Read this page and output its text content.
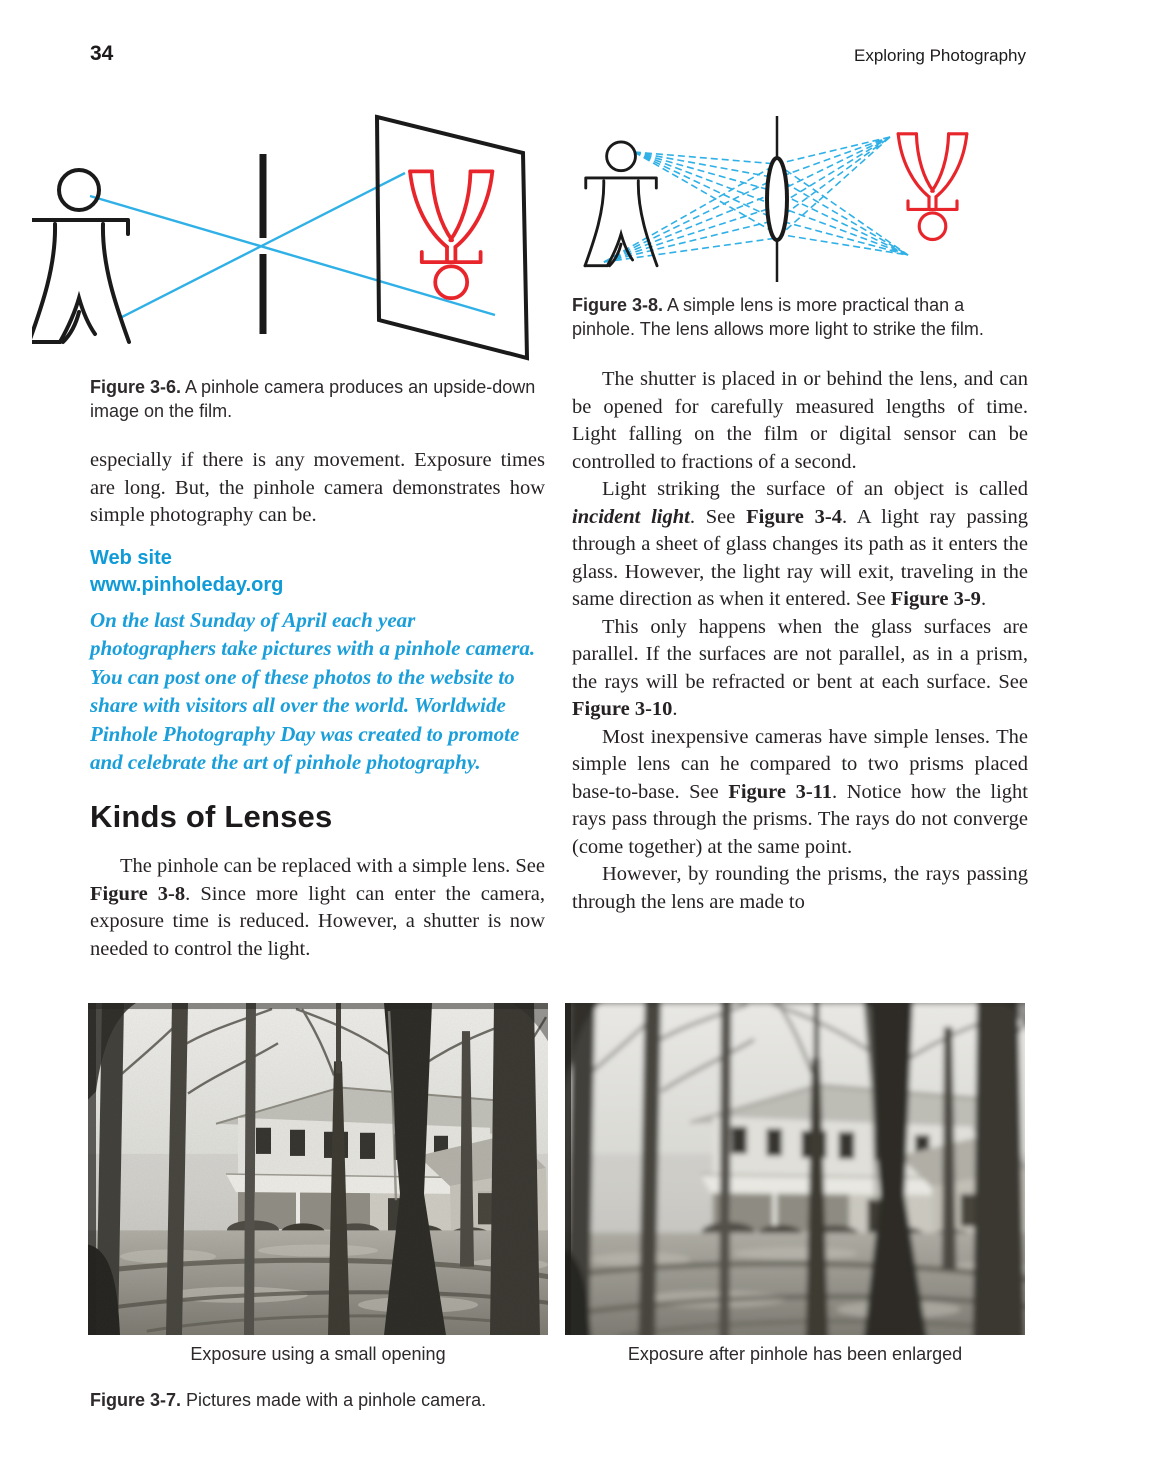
34	Exploring Photography

Figure 3-6. A pinhole camera produces an upside-down image on the film.

especially if there is any movement. Exposure times are long. But, the pinhole camera demonstrates how simple photography can be.

Web site
www.pinholeday.org

On the last Sunday of April each year photographers take pictures with a pinhole camera. You can post one of these photos to the website to share with visitors all over the world. Worldwide Pinhole Photography Day was created to promote and celebrate the art of pinhole photography.

Kinds of Lenses

The pinhole can be replaced with a simple lens. See Figure 3-8. Since more light can enter the camera, exposure time is reduced. However, a shutter is now needed to control the light.

Figure 3-8. A simple lens is more practical than a pinhole. The lens allows more light to strike the film.

The shutter is placed in or behind the lens, and can be opened for carefully measured lengths of time. Light falling on the film or digital sensor can be controlled to fractions of a second.

Light striking the surface of an object is called incident light. See Figure 3-4. A light ray passing through a sheet of glass changes its path as it enters the glass. However, the light ray will exit, traveling in the same direction as when it entered. See Figure 3-9.

This only happens when the glass surfaces are parallel. If the surfaces are not parallel, as in a prism, the rays will be refracted or bent at each surface. See Figure 3-10.

Most inexpensive cameras have simple lenses. The simple lens can he compared to two prisms placed base-to-base. See Figure 3-11. Notice how the light rays pass through the prisms. The rays do not converge (come together) at the same point.

However, by rounding the prisms, the rays passing through the lens are made to

Exposure using a small opening	Exposure after pinhole has been enlarged

Figure 3-7. Pictures made with a pinhole camera.
